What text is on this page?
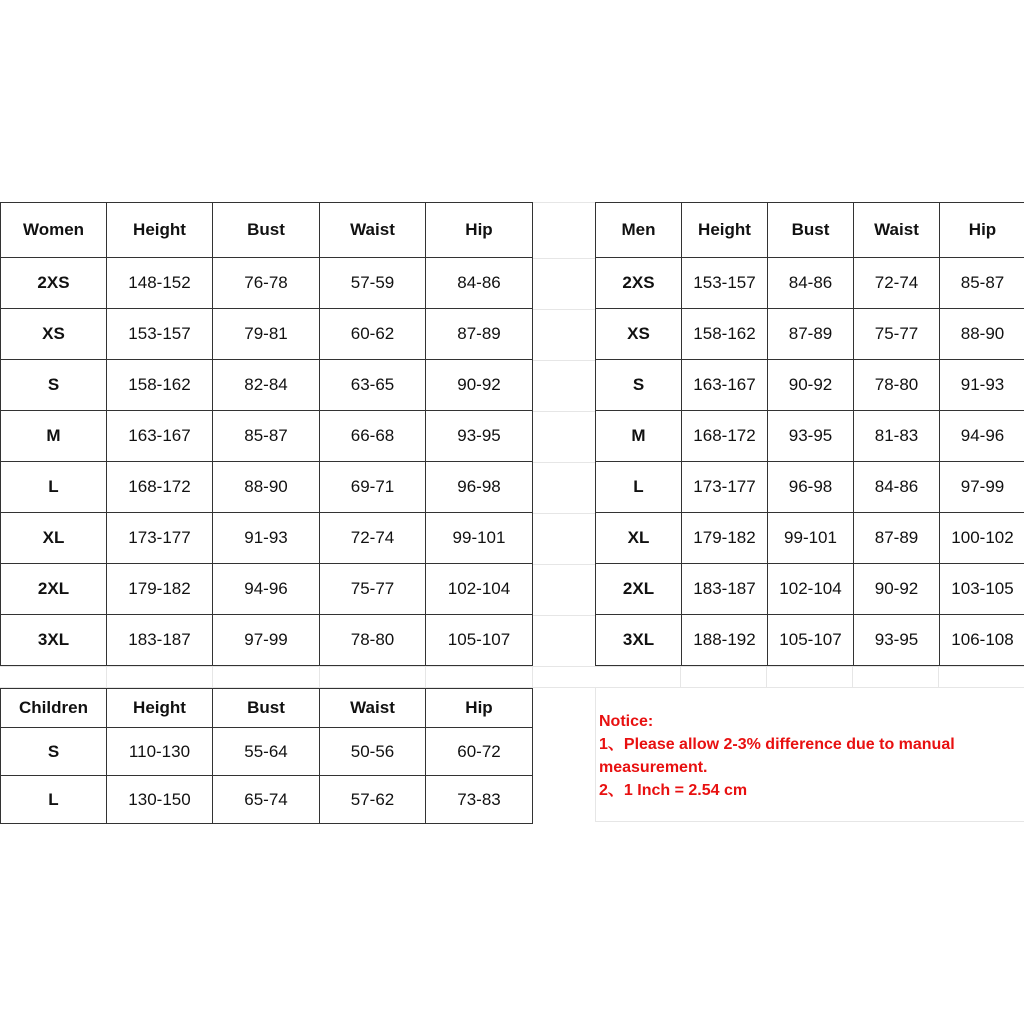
Women	Height	Bust	Waist	Hip
2XS	148-152	76-78	57-59	84-86
XS	153-157	79-81	60-62	87-89
S	158-162	82-84	63-65	90-92
M	163-167	85-87	66-68	93-95
L	168-172	88-90	69-71	96-98
XL	173-177	91-93	72-74	99-101
2XL	179-182	94-96	75-77	102-104
3XL	183-187	97-99	78-80	105-107
Men	Height	Bust	Waist	Hip
2XS	153-157	84-86	72-74	85-87
XS	158-162	87-89	75-77	88-90
S	163-167	90-92	78-80	91-93
M	168-172	93-95	81-83	94-96
L	173-177	96-98	84-86	97-99
XL	179-182	99-101	87-89	100-102
2XL	183-187	102-104	90-92	103-105
3XL	188-192	105-107	93-95	106-108
Children	Height	Bust	Waist	Hip
S	110-130	55-64	50-56	60-72
L	130-150	65-74	57-62	73-83
Notice:
1、Please allow 2-3% difference due to manual measurement.
2、1 Inch = 2.54 cm
